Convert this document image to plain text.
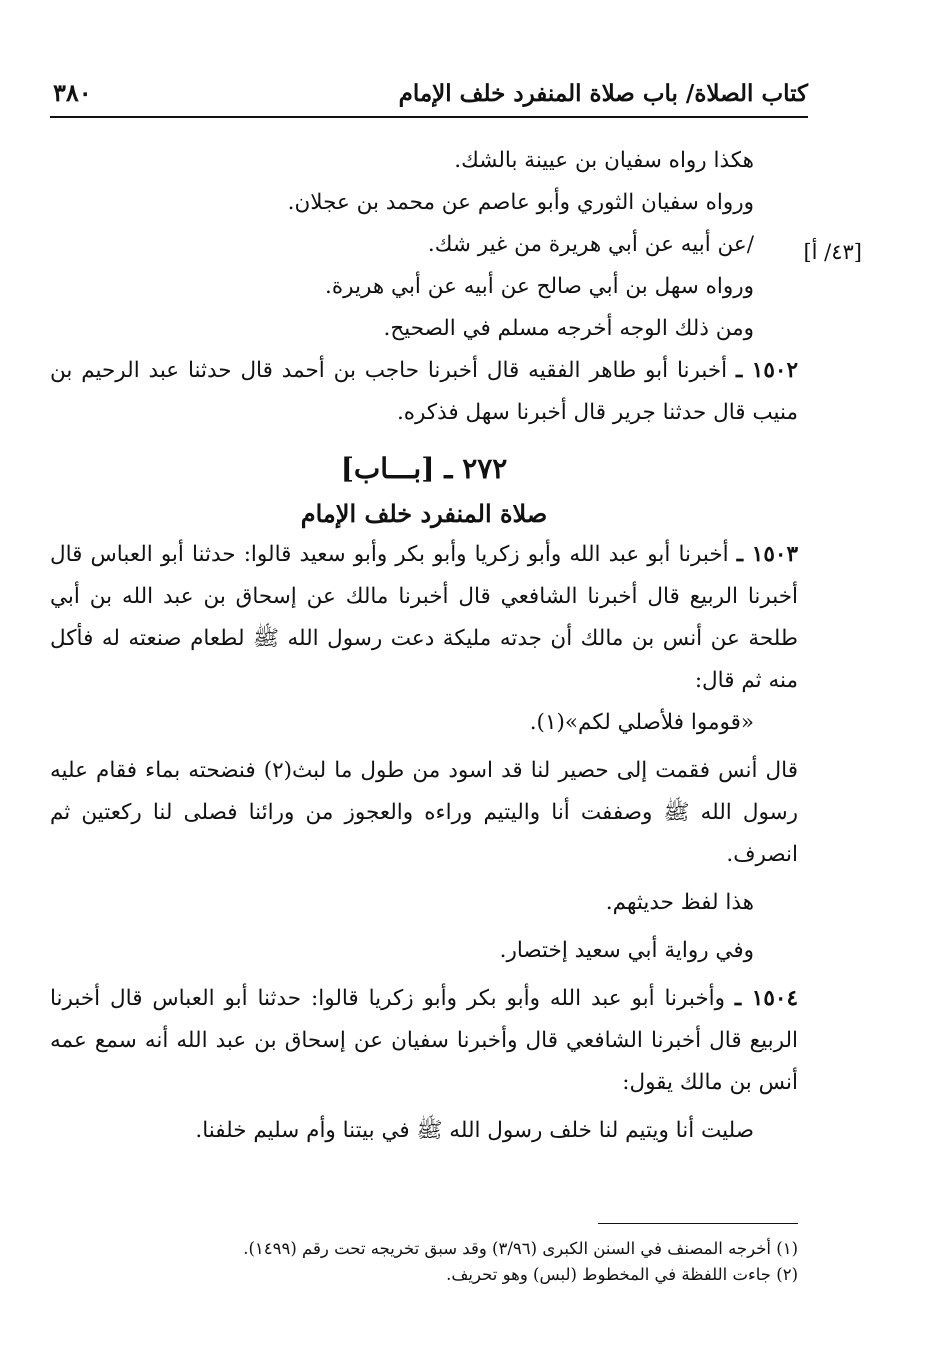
كتاب الصلاة/ باب صلاة المنفرد خلف الإمام
٣٨٠
[٤٣/ أ]

هكذا رواه سفيان بن عيينة بالشك.

ورواه سفيان الثوري وأبو عاصم عن محمد بن عجلان.

/عن أبيه عن أبي هريرة من غير شك.

ورواه سهل بن أبي صالح عن أبيه عن أبي هريرة.

ومن ذلك الوجه أخرجه مسلم في الصحيح.

١٥٠٢ ـ أخبرنا أبو طاهر الفقيه قال أخبرنا حاجب بن أحمد قال حدثنا عبد الرحيم بن منيب قال حدثنا جرير قال أخبرنا سهل فذكره.

٢٧٢ ـ [بـــاب]
صلاة المنفرد خلف الإمام

١٥٠٣ ـ أخبرنا أبو عبد الله وأبو زكريا وأبو بكر وأبو سعيد قالوا: حدثنا أبو العباس قال أخبرنا الربيع قال أخبرنا الشافعي قال أخبرنا مالك عن إسحاق بن عبد الله بن أبي طلحة عن أنس بن مالك أن جدته مليكة دعت رسول الله ﷺ لطعام صنعته له فأكل منه ثم قال:

«قوموا فلأصلي لكم»(١).

قال أنس فقمت إلى حصير لنا قد اسود من طول ما لبث(٢) فنضحته بماء فقام عليه رسول الله ﷺ وصففت أنا واليتيم وراءه والعجوز من ورائنا فصلى لنا ركعتين ثم انصرف.

هذا لفظ حديثهم.

وفي رواية أبي سعيد إختصار.

١٥٠٤ ـ وأخبرنا أبو عبد الله وأبو بكر وأبو زكريا قالوا: حدثنا أبو العباس قال أخبرنا الربيع قال أخبرنا الشافعي قال وأخبرنا سفيان عن إسحاق بن عبد الله أنه سمع عمه أنس بن مالك يقول:

صليت أنا ويتيم لنا خلف رسول الله ﷺ في بيتنا وأم سليم خلفنا.

(١) أخرجه المصنف في السنن الكبرى (٣/٩٦) وقد سبق تخريجه تحت رقم (١٤٩٩).

(٢) جاءت اللفظة في المخطوط (لبس) وهو تحريف.
